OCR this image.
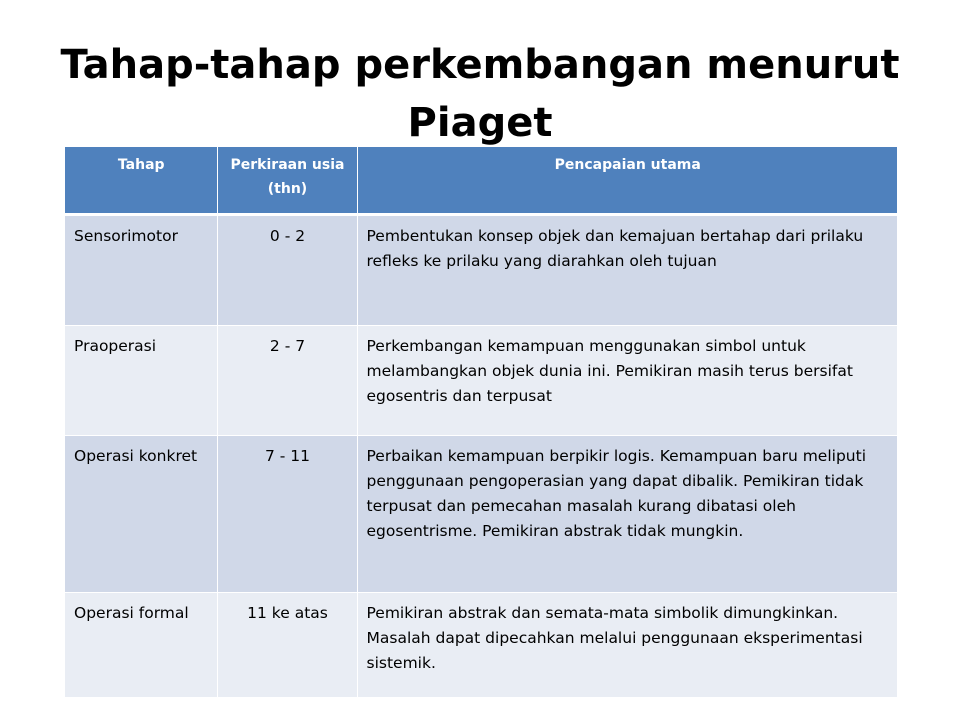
Tahap-tahap perkembangan menurut Piaget
Tahap	Perkiraan usia (thn)	Pencapaian utama
Sensorimotor	0 - 2	Pembentukan konsep objek dan kemajuan bertahap dari prilaku refleks ke prilaku yang diarahkan oleh tujuan
Praoperasi	2 - 7	Perkembangan kemampuan menggunakan simbol untuk melambangkan objek dunia ini. Pemikiran masih terus bersifat egosentris dan terpusat
Operasi konkret	7 - 11	Perbaikan kemampuan berpikir logis. Kemampuan baru meliputi penggunaan pengoperasian yang dapat dibalik. Pemikiran tidak terpusat dan pemecahan masalah kurang dibatasi oleh egosentrisme. Pemikiran abstrak tidak mungkin.
Operasi formal	11 ke atas	Pemikiran abstrak dan semata-mata simbolik dimungkinkan. Masalah dapat dipecahkan melalui penggunaan eksperimentasi sistemik.
